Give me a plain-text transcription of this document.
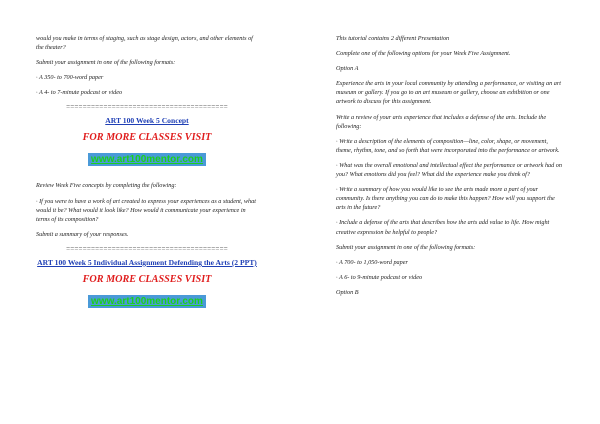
would you make in terms of staging, such as stage design, actors, and other elements of the theater?

Submit your assignment in one of the following formats:

· A 350- to 700-word paper

· A 4- to 7-minute podcast or video

=======================================
ART 100 Week 5 Concept
FOR MORE CLASSES VISIT
www.art100mentor.com

Review Week Five concepts by completing the following:

· If you were to have a work of art created to express your experiences as a student, what would it be? What would it look like? How would it communicate your experience in terms of its composition?

Submit a summary of your responses.

=======================================
ART 100 Week 5 Individual Assignment Defending the Arts (2 PPT)
FOR MORE CLASSES VISIT
www.art100mentor.com

This tutorial contains 2 different Presentation

Complete one of the following options for your Week Five Assignment.

Option A

Experience the arts in your local community by attending a performance, or visiting an art museum or gallery. If you go to an art museum or gallery, choose an exhibition or one artwork to discuss for this assignment.

Write a review of your arts experience that includes a defense of the arts. Include the following:

· Write a description of the elements of composition—line, color, shape, or movement, theme, rhythm, tone, and so forth that were incorporated into the performance or artwork.

· What was the overall emotional and intellectual effect the performance or artwork had on you? What emotions did you feel? What did the experience make you think of?

· Write a summary of how you would like to see the arts made more a part of your community. Is there anything you can do to make this happen? How will you support the arts in the future?

· Include a defense of the arts that describes how the arts add value to life. How might creative expression be helpful to people?

Submit your assignment in one of the following formats:

· A 700- to 1,050-word paper

· A 6- to 9-minute podcast or video

Option B
